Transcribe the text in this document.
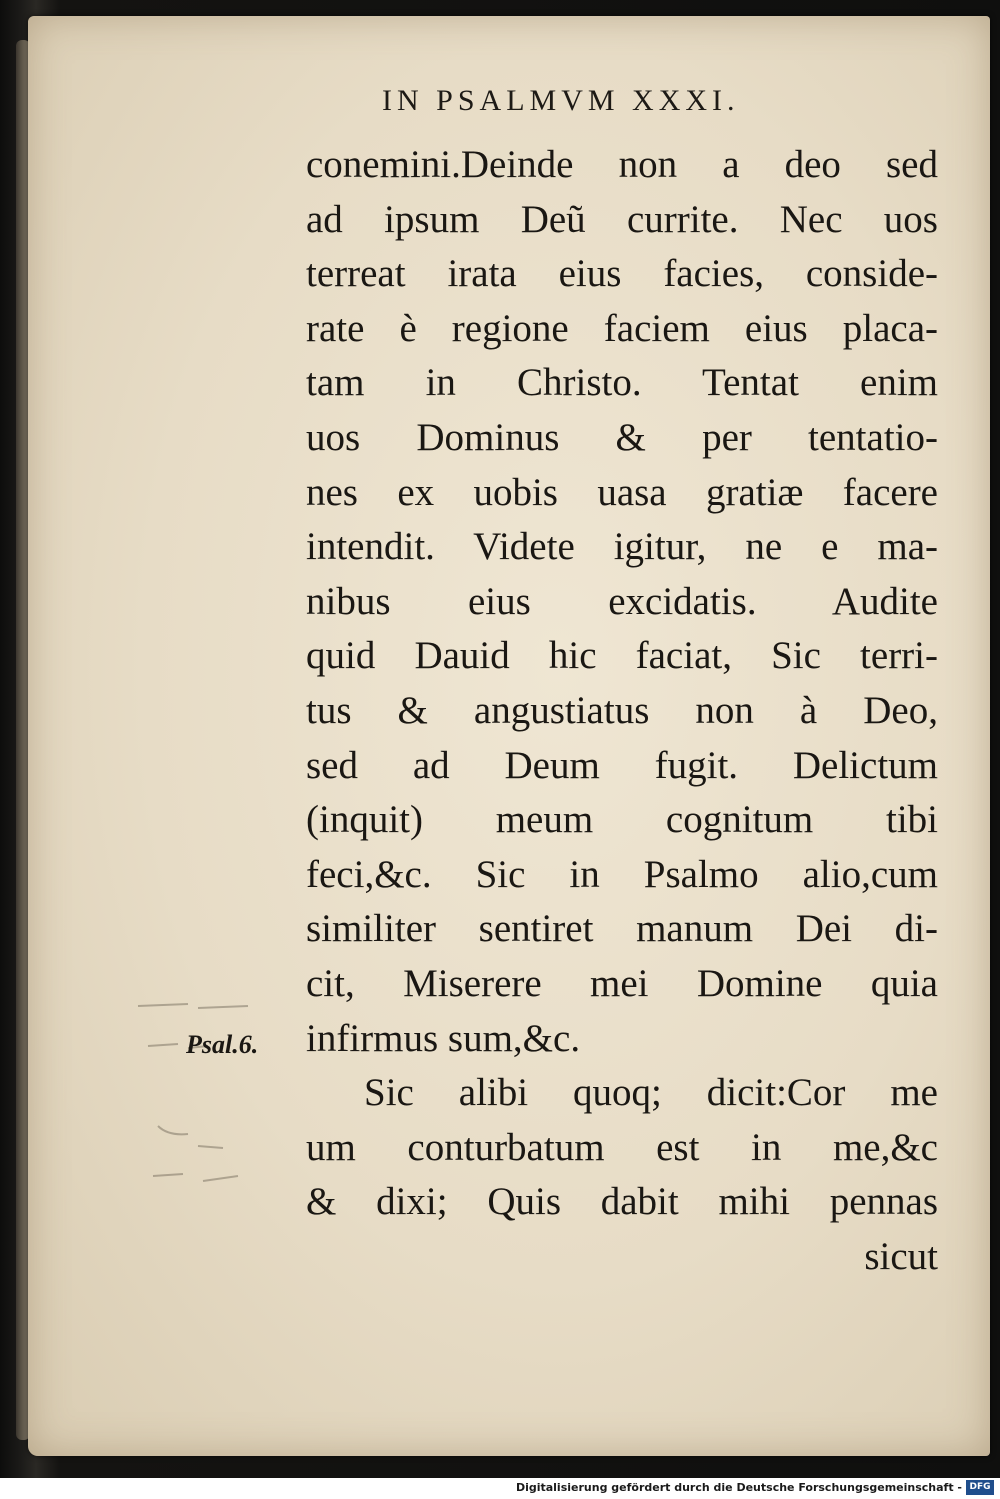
IN PSALMVM XXXI.
conemini.Deinde non a deo sed
ad ipsum Deũ currite. Nec uos
terreat irata eius facies, conside-
rate è regione faciem eius placa-
tam in Christo. Tentat enim
uos Dominus & per tentatio-
nes ex uobis uasa gratiæ facere
intendit. Videte igitur, ne e ma-
nibus eius excidatis. Audite
quid Dauid hic faciat, Sic terri-
tus & angustiatus non à Deo,
sed ad Deum fugit. Delictum
(inquit) meum cognitum tibi
feci,&c. Sic in Psalmo alio,cum
similiter sentiret manum Dei di-
cit, Miserere mei Domine quia
infirmus sum,&c.
Sic alibi quoq; dicit:Cor me
um conturbatum est in me,&c
& dixi; Quis dabit mihi pennas
sicut
Psal.6.
Digitalisierung gefördert durch die Deutsche Forschungsgemeinschaft - DFG
